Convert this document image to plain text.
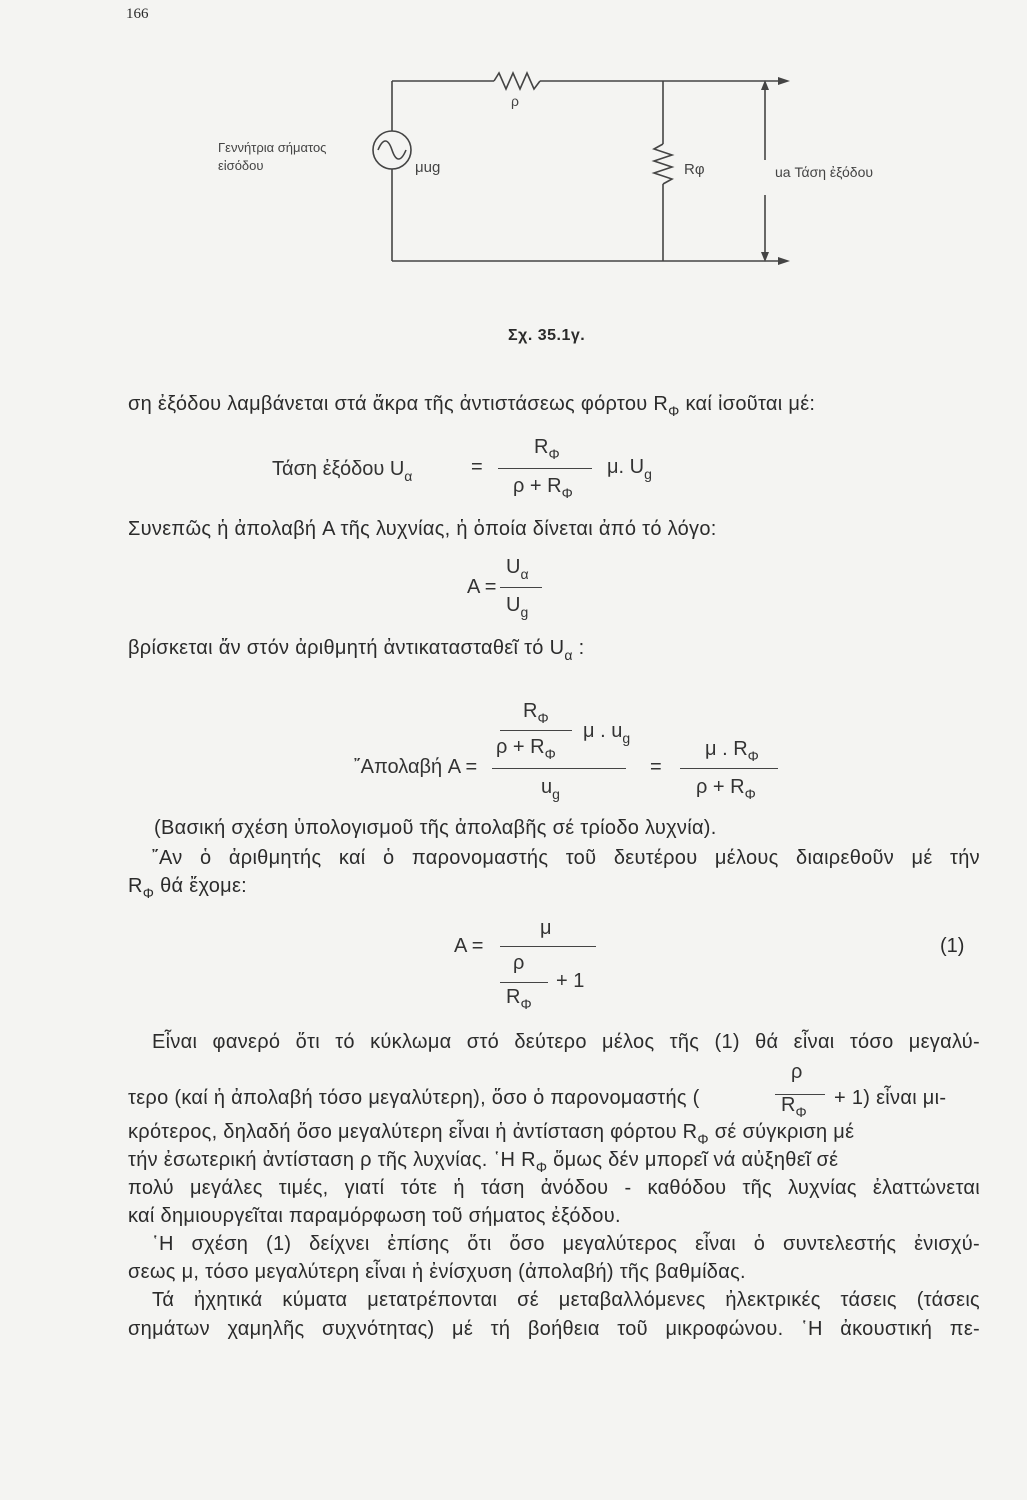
166
Γεννήτρια σήματος
εἰσόδου	μug
ρ
Rφ	ua Τάση ἐξόδου
Σχ. 35.1γ.
ση ἐξόδου λαμβάνεται στά ἄκρα τῆς ἀντιστάσεως φόρτου $R_\Phi$ καί ἰσοῦται μέ:
Τάση ἐξόδου $U_\alpha$	=
$R_\Phi$
$\rho + R_\Phi$
μ. $U_g$
Συνεπῶς ἡ ἀπολαβή A τῆς λυχνίας, ἡ ὁποία δίνεται ἀπό τό λόγο:
A =
$U_\alpha$
$U_g$
βρίσκεται ἄν στόν ἀριθμητή ἀντικατασταθεῖ τό $U_\alpha$ :
$R_\Phi$
$\rho + R_\Phi$
μ . $u_g$
῎Απολαβή A =
$u_g$
=
μ . $R_\Phi$
$\rho + R_\Phi$
(Βασική σχέση ὑπολογισμοῦ τῆς ἀπολαβῆς σέ τρίοδο λυχνία).
῎Αν ὁ ἀριθμητής καί ὁ παρονομαστής τοῦ δευτέρου μέλους διαιρεθοῦν μέ τήν
$R_\Phi$ θά ἔχομε:
μ
A =
ρ
$R_\Phi$
+ 1
(1)
Εἶναι φανερό ὅτι τό κύκλωμα στό δεύτερο μέλος τῆς (1) θά εἶναι τόσο μεγαλύ-
τερο (καί ἡ ἀπολαβή τόσο μεγαλύτερη), ὅσο ὁ παρονομαστής (
ρ
$R_\Phi$
+ 1) εἶναι μι-
κρότερος, δηλαδή ὅσο μεγαλύτερη εἶναι ἡ ἀντίσταση φόρτου $R_\Phi$ σέ σύγκριση μέ
τήν ἐσωτερική ἀντίσταση ρ τῆς λυχνίας. ῾Η $R_\Phi$ ὅμως δέν μπορεῖ νά αὐξηθεῖ σέ
πολύ μεγάλες τιμές, γιατί τότε ἡ τάση ἀνόδου - καθόδου τῆς λυχνίας ἐλαττώνεται
καί δημιουργεῖται παραμόρφωση τοῦ σήματος ἐξόδου.
῾Η σχέση (1) δείχνει ἐπίσης ὅτι ὅσο μεγαλύτερος εἶναι ὁ συντελεστής ἐνισχύ-
σεως μ, τόσο μεγαλύτερη εἶναι ἡ ἐνίσχυση (ἀπολαβή) τῆς βαθμίδας.
Τά ἠχητικά κύματα μετατρέπονται σέ μεταβαλλόμενες ἠλεκτρικές τάσεις (τάσεις
σημάτων χαμηλῆς συχνότητας) μέ τή βοήθεια τοῦ μικροφώνου. ῾Η ἀκουστική πε-
